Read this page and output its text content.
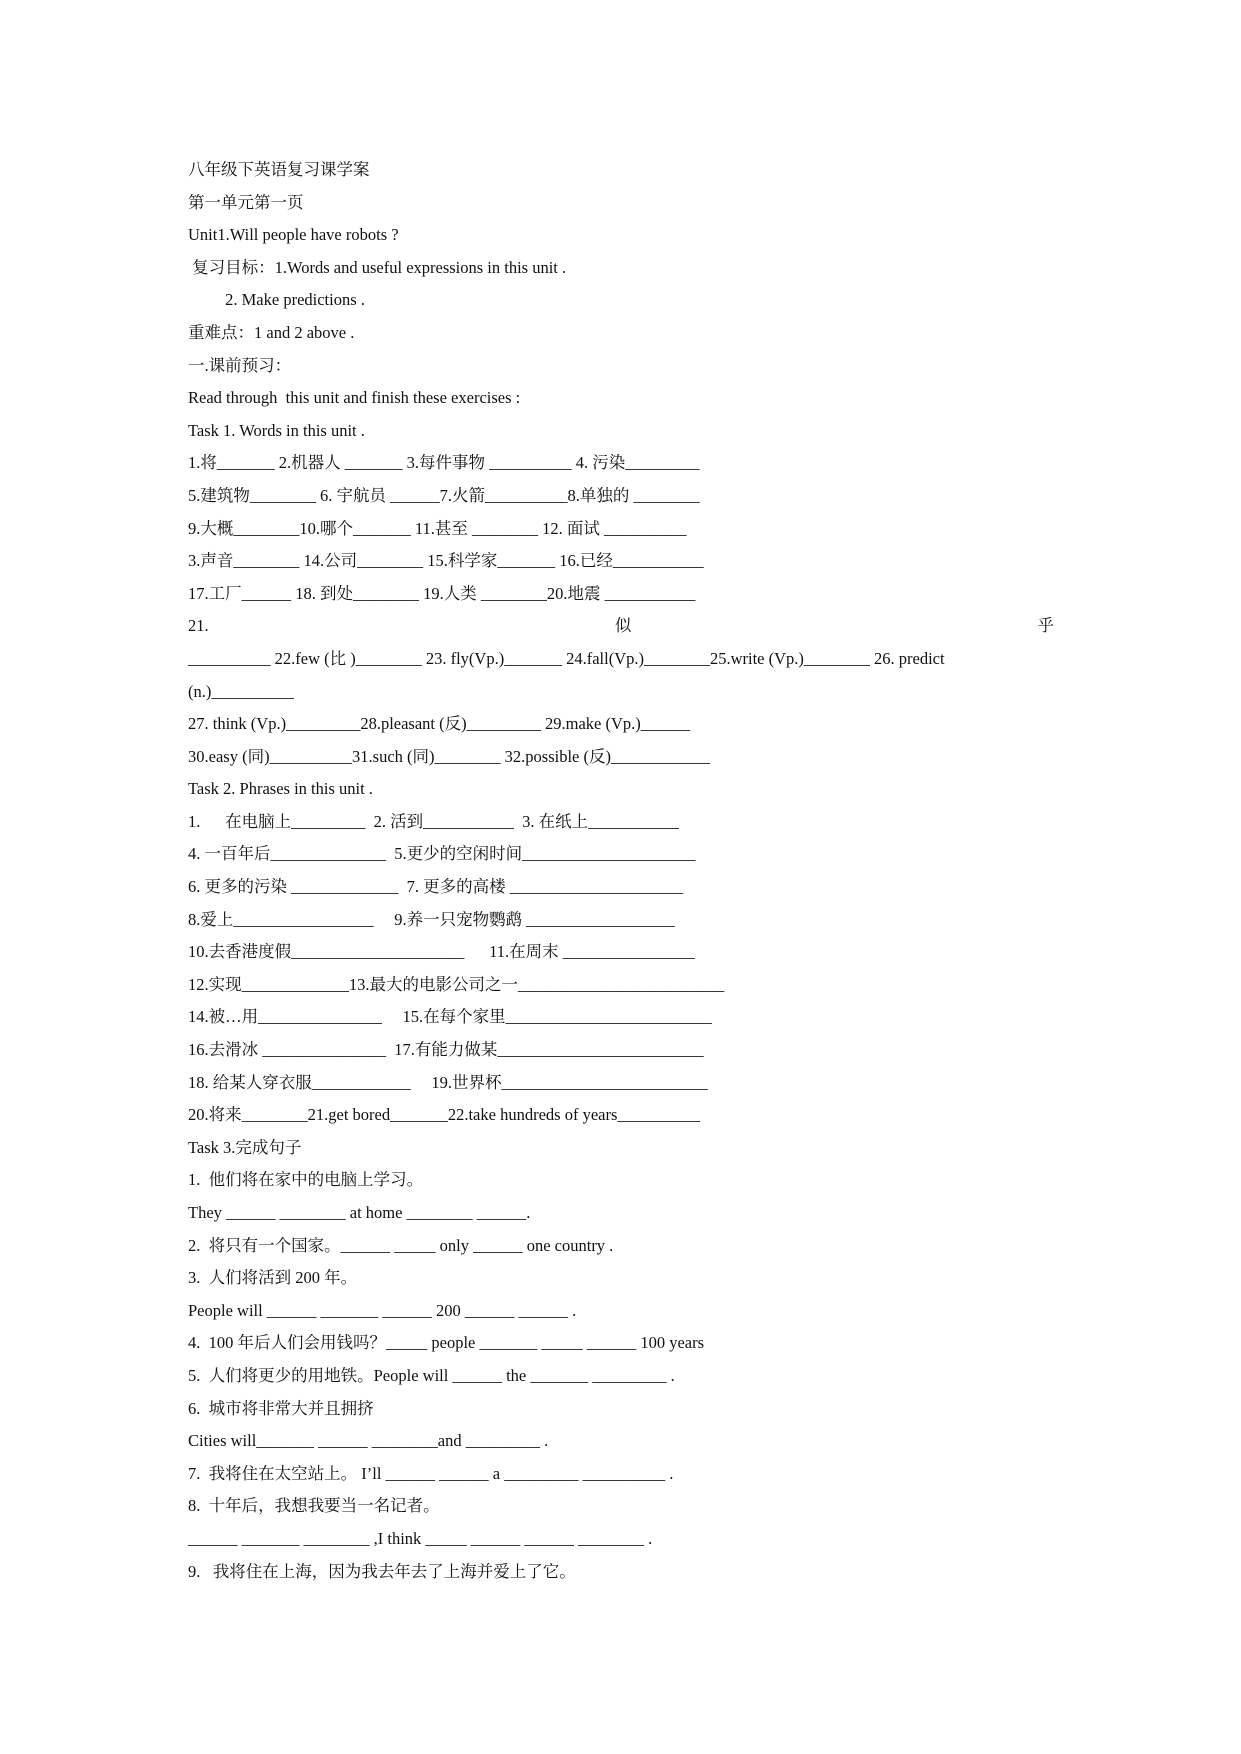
八年级下英语复习课学案
第一单元第一页
Unit1.Will people have robots ?
复习目标：1.Words and useful expressions in this unit .
2. Make predictions .
重难点：1 and 2 above .
一.课前预习：
Read through  this unit and finish these exercises :
Task 1. Words in this unit .
1.将_______ 2.机器人 _______ 3.每件事物 __________ 4. 污染_________
5.建筑物________ 6. 宇航员 ______7.火箭__________8.单独的 ________
9.大概________10.哪个_______ 11.甚至 ________ 12. 面试 __________
3.声音________ 14.公司________ 15.科学家_______ 16.已经___________
17.工厂______ 18. 到处________ 19.人类 ________20.地震 ___________
21.	似	乎
__________ 22.few (比 )________ 23. fly(Vp.)_______ 24.fall(Vp.)________25.write (Vp.)________ 26. predict
(n.)__________
27. think (Vp.)_________28.pleasant (反)_________ 29.make (Vp.)______
30.easy (同)__________31.such (同)________ 32.possible (反)____________
Task 2. Phrases in this unit .
1.      在电脑上_________  2. 活到___________  3. 在纸上___________
4. 一百年后______________  5.更少的空闲时间_____________________
6. 更多的污染 _____________  7. 更多的高楼 _____________________
8.爱上_________________     9.养一只宠物鹦鹉 __________________
10.去香港度假_____________________      11.在周末 ________________
12.实现_____________13.最大的电影公司之一_________________________
14.被…用_______________     15.在每个家里_________________________
16.去滑冰 _______________  17.有能力做某_________________________
18. 给某人穿衣服____________     19.世界杯_________________________
20.将来________21.get bored_______22.take hundreds of years__________
Task 3.完成句子
1.  他们将在家中的电脑上学习。
They ______ ________ at home ________ ______.
2.  将只有一个国家。______ _____ only ______ one country .
3.  人们将活到 200 年。
People will ______ _______ ______ 200 ______ ______ .
4.  100 年后人们会用钱吗？_____ people _______ _____ ______ 100 years
5.  人们将更少的用地铁。People will ______ the _______ _________ .
6.  城市将非常大并且拥挤
Cities will_______ ______ ________and _________ .
7.  我将住在太空站上。 I’ll ______ ______ a _________ __________ .
8.  十年后，我想我要当一名记者。
______ _______ ________ ,I think _____ ______ ______ ________ .
9.   我将住在上海，因为我去年去了上海并爱上了它。
